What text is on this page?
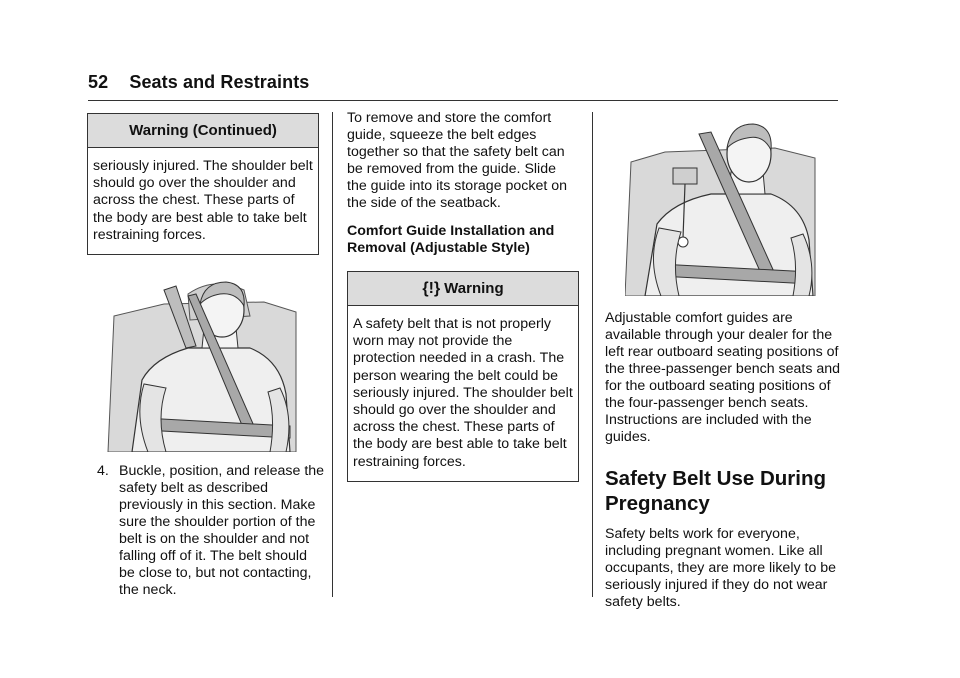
52 Seats and Restraints
Warning (Continued)
seriously injured. The shoulder belt should go over the shoulder and across the chest. These parts of the body are best able to take belt restraining forces.
4. Buckle, position, and release the safety belt as described previously in this section. Make sure the shoulder portion of the belt is on the shoulder and not falling off of it. The belt should be close to, but not contacting, the neck.

To remove and store the comfort guide, squeeze the belt edges together so that the safety belt can be removed from the guide. Slide the guide into its storage pocket on the side of the seatback.

Comfort Guide Installation and Removal (Adjustable Style)

{!} Warning
A safety belt that is not properly worn may not provide the protection needed in a crash. The person wearing the belt could be seriously injured. The shoulder belt should go over the shoulder and across the chest. These parts of the body are best able to take belt restraining forces.

Adjustable comfort guides are available through your dealer for the left rear outboard seating positions of the three-passenger bench seats and for the outboard seating positions of the four-passenger bench seats. Instructions are included with the guides.

Safety Belt Use During Pregnancy

Safety belts work for everyone, including pregnant women. Like all occupants, they are more likely to be seriously injured if they do not wear safety belts.
